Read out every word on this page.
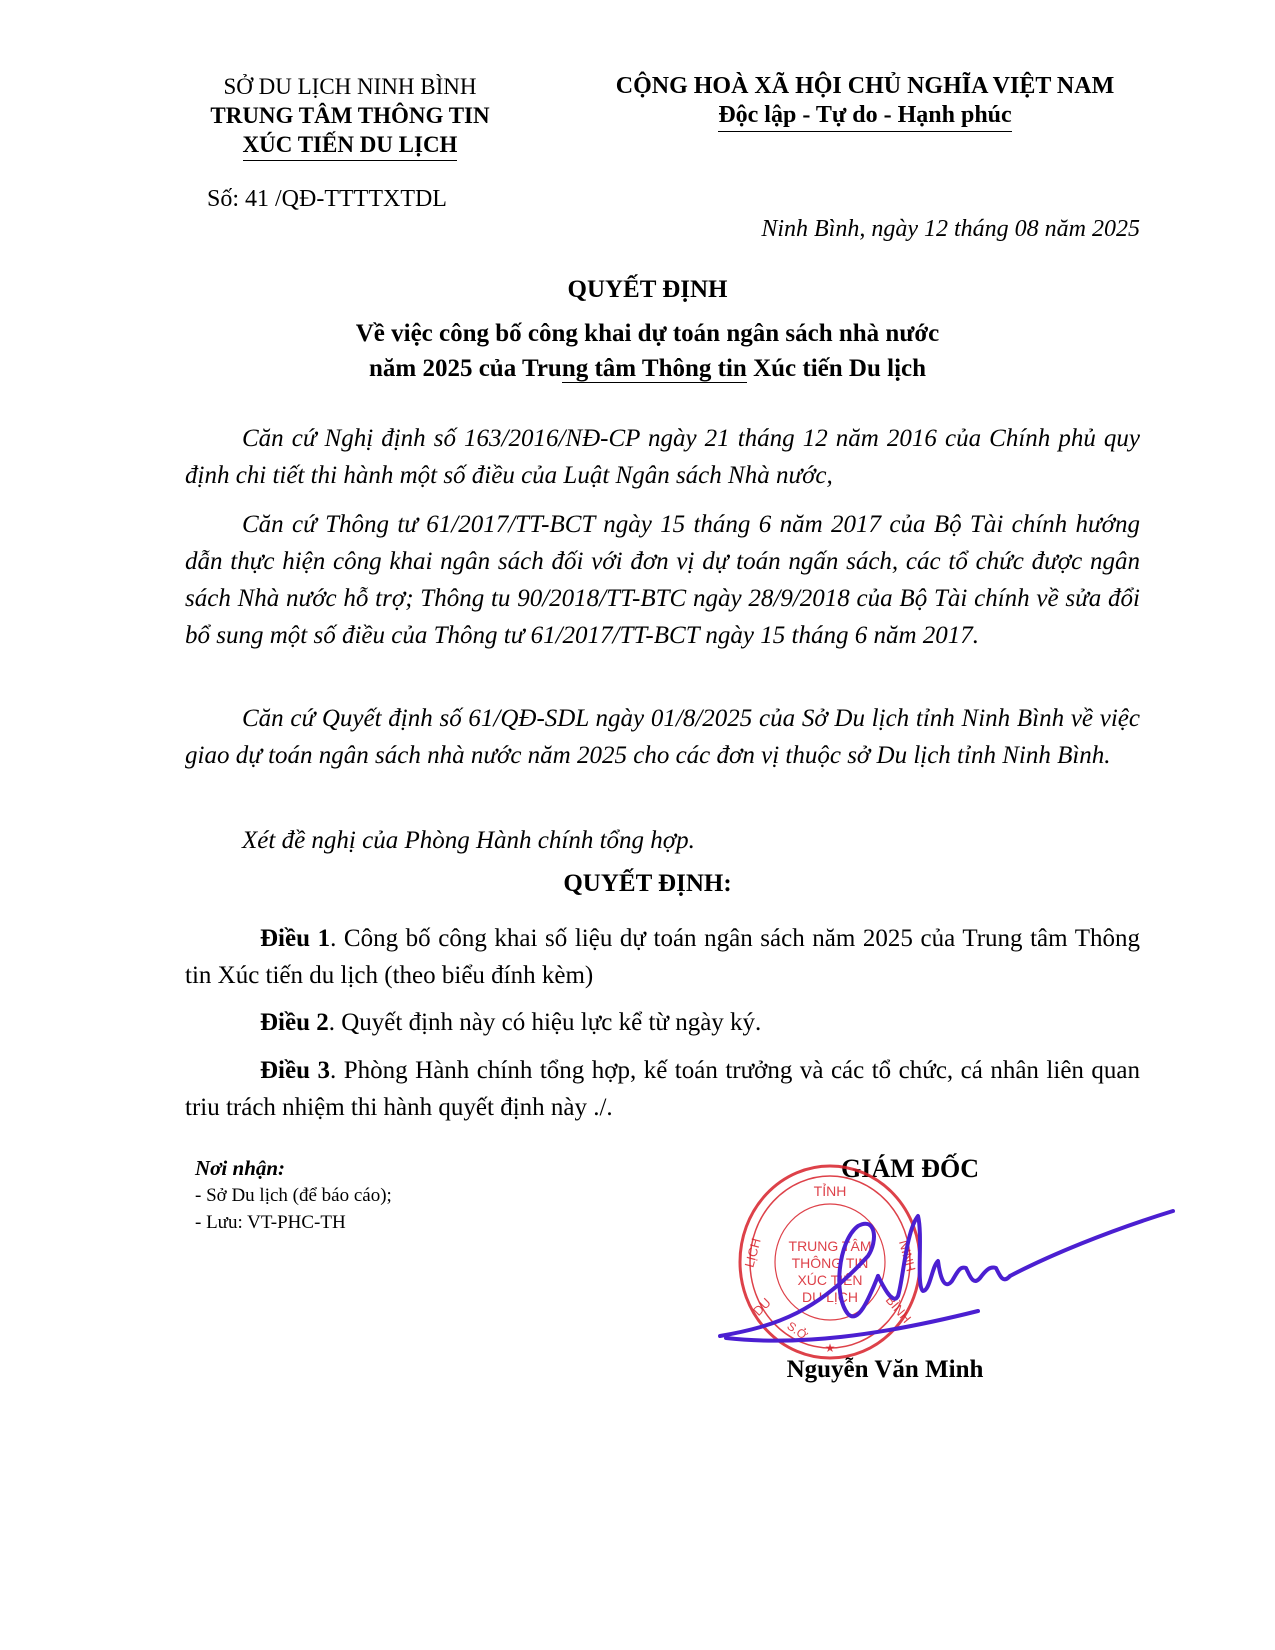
SỞ DU LỊCH NINH BÌNH
TRUNG TÂM THÔNG TIN
XÚC TIẾN DU LỊCH
CỘNG HOÀ XÃ HỘI CHỦ NGHĨA VIỆT NAM
Độc lập - Tự do - Hạnh phúc
Số: 41 /QĐ-TTTTXTDL
Ninh Bình, ngày 12 tháng 08 năm 2025
QUYẾT ĐỊNH
Về việc công bố công khai dự toán ngân sách nhà nước
năm 2025 của Trung tâm Thông tin Xúc tiến Du lịch
Căn cứ Nghị định số 163/2016/NĐ-CP ngày 21 tháng 12 năm 2016 của Chính phủ quy định chi tiết thi hành một số điều của Luật Ngân sách Nhà nước,
Căn cứ Thông tư 61/2017/TT-BCT ngày 15 tháng 6 năm 2017 của Bộ Tài chính hướng dẫn thực hiện công khai ngân sách đối với đơn vị dự toán ngấn sách, các tổ chức được ngân sách Nhà nước hỗ trợ; Thông tu 90/2018/TT-BTC ngày 28/9/2018 của Bộ Tài chính về sửa đổi bổ sung một số điều của Thông tư 61/2017/TT-BCT ngày 15 tháng 6 năm 2017.
Căn cứ Quyết định số 61/QĐ-SDL ngày 01/8/2025 của Sở Du lịch tỉnh Ninh Bình về việc giao dự toán ngân sách nhà nước năm 2025 cho các đơn vị thuộc sở Du lịch tỉnh Ninh Bình.
Xét đề nghị của Phòng Hành chính tổng hợp.
QUYẾT ĐỊNH:
Điều 1. Công bố công khai số liệu dự toán ngân sách năm 2025 của Trung tâm Thông tin Xúc tiến du lịch (theo biểu đính kèm)
Điều 2. Quyết định này có hiệu lực kể từ ngày ký.
Điều 3. Phòng Hành chính tổng hợp, kế toán trưởng và các tổ chức, cá nhân liên quan triu trách nhiệm thi hành quyết định này ./.
Nơi nhận:
- Sở Du lịch (để báo cáo);
- Lưu: VT-PHC-TH
GIÁM ĐỐC
TỈNH
LỊCH
DU
NINH
BÌNH
S.Ở
TRUNG TÂM
THÔNG TIN
XÚC TIẾN
DU LỊCH
★
Nguyễn Văn Minh
